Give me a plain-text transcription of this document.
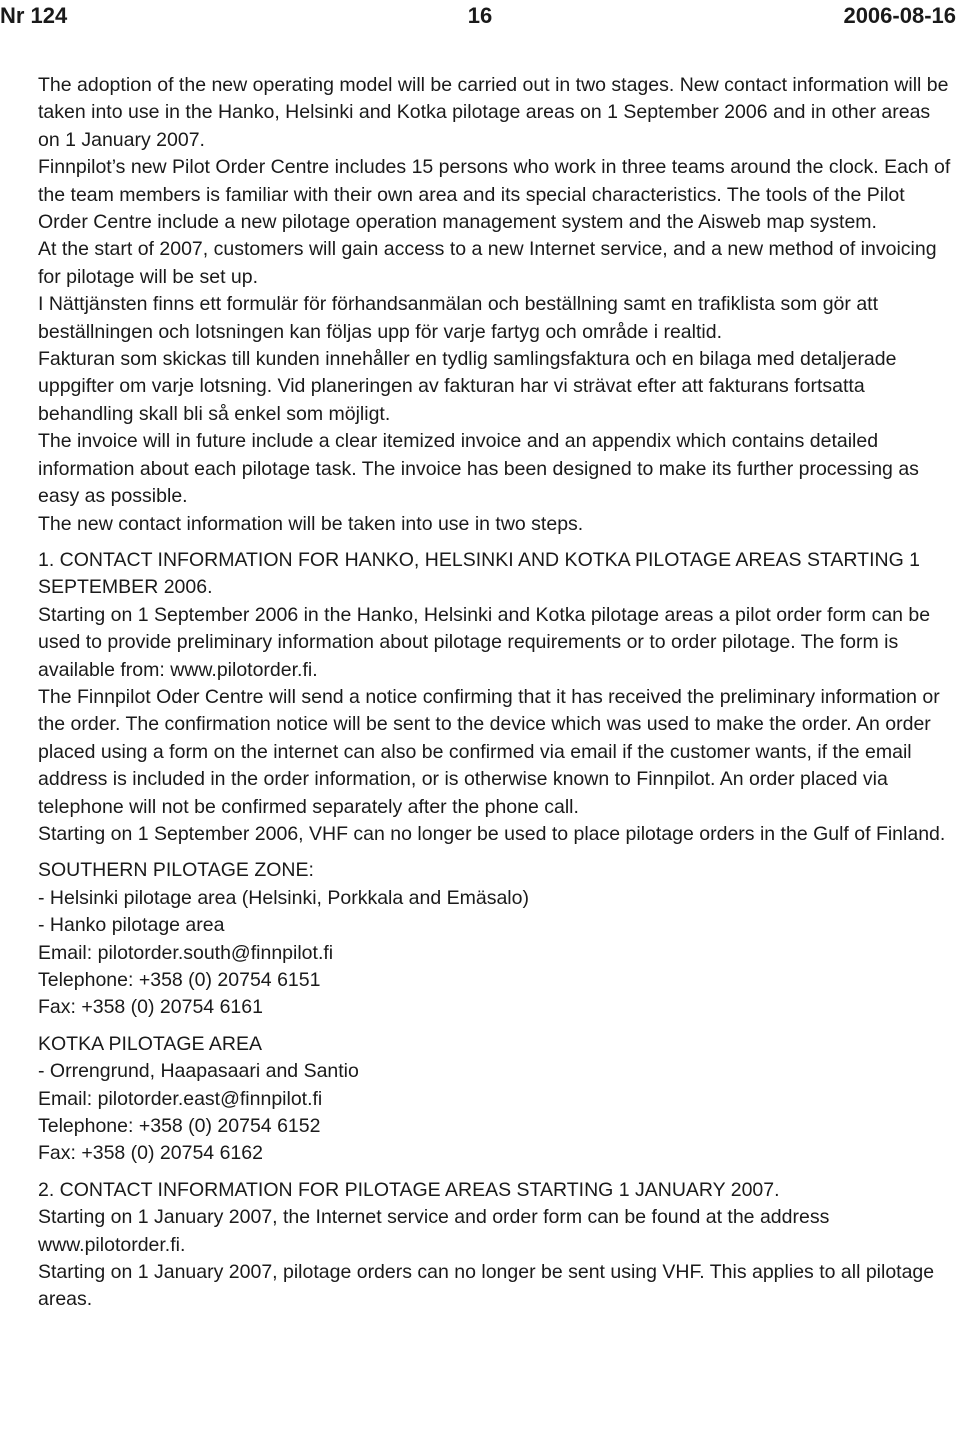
Nr 124	16	2006-08-16

The adoption of the new operating model will be carried out in two stages. New contact information will be taken into use in the Hanko, Helsinki and Kotka pilotage areas on 1 September 2006 and in other areas on 1 January 2007.

Finnpilot’s new Pilot Order Centre includes 15 persons who work in three teams around the clock. Each of the team members is familiar with their own area and its special characteristics. The tools of the Pilot Order Centre include a new pilotage operation management system and the Aisweb map system.

At the start of 2007, customers will gain access to a new Internet service, and a new method of invoicing for pilotage will be set up.

I Nättjänsten finns ett formulär för förhandsanmälan och beställning samt en trafiklista som gör att beställningen och lotsningen kan följas upp för varje fartyg och område i realtid.

Fakturan som skickas till kunden innehåller en tydlig samlingsfaktura och en bilaga med detaljerade uppgifter om varje lotsning. Vid planeringen av fakturan har vi strävat efter att fakturans fortsatta behandling skall bli så enkel som möjligt.

The invoice will in future include a clear itemized invoice and an appendix which contains detailed information about each pilotage task. The invoice has been designed to make its further processing as easy as possible.

The new contact information will be taken into use in two steps.

1. CONTACT INFORMATION FOR HANKO, HELSINKI AND KOTKA PILOTAGE AREAS STARTING 1 SEPTEMBER 2006.

Starting on 1 September 2006 in the Hanko, Helsinki and Kotka pilotage areas a pilot order form can be used to provide preliminary information about pilotage requirements or to order pilotage. The form is available from: www.pilotorder.fi.

The Finnpilot Oder Centre will send a notice confirming that it has received the preliminary information or the order. The confirmation notice will be sent to the device which was used to make the order. An order placed using a form on the internet can also be confirmed via email if the customer wants, if the email address is included in the order information, or is otherwise known to Finnpilot. An order placed via telephone will not be confirmed separately after the phone call.

Starting on 1 September 2006, VHF can no longer be used to place pilotage orders in the Gulf of Finland.

SOUTHERN PILOTAGE ZONE:

- Helsinki pilotage area (Helsinki, Porkkala and Emäsalo)

- Hanko pilotage area

Email: pilotorder.south@finnpilot.fi

Telephone: +358 (0) 20754 6151

Fax: +358 (0) 20754 6161

KOTKA PILOTAGE AREA

- Orrengrund, Haapasaari and Santio

Email: pilotorder.east@finnpilot.fi

Telephone: +358 (0) 20754 6152

Fax: +358 (0) 20754 6162

2. CONTACT INFORMATION FOR PILOTAGE AREAS STARTING 1 JANUARY 2007.

Starting on 1 January 2007, the Internet service and order form can be found at the address www.pilotorder.fi.

Starting on 1 January 2007, pilotage orders can no longer be sent using VHF. This applies to all pilotage areas.
